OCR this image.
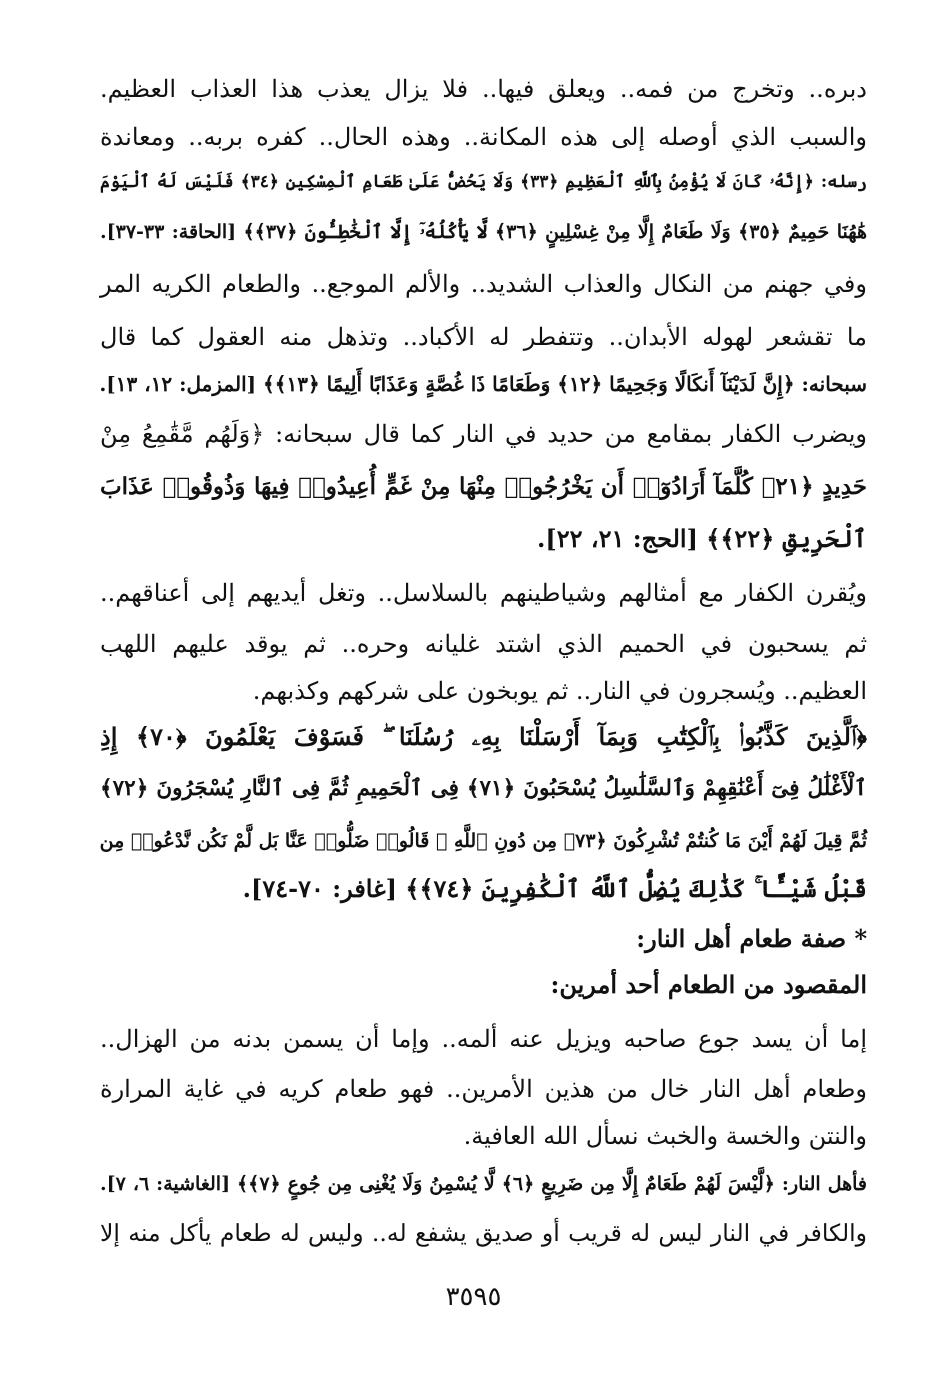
دبره.. وتخرج من فمه.. ويعلق فيها.. فلا يزال يعذب هذا العذاب العظيم.
والسبب الذي أوصله إلى هذه المكانة.. وهذه الحال.. كفره بربه.. ومعاندة
رسله: ﴿إِنَّهُۥ كَانَ لَا يُؤْمِنُ بِٱللَّهِ ٱلْعَظِيمِ ﴿٣٣﴾ وَلَا يَحُضُّ عَلَىٰ طَعَامِ ٱلْمِسْكِينِ ﴿٣٤﴾ فَلَيْسَ لَهُ ٱلْيَوْمَ
هَٰهُنَا حَمِيمٌ ﴿٣٥﴾ وَلَا طَعَامٌ إِلَّا مِنْ غِسْلِينٍ ﴿٣٦﴾ لَّا يَأْكُلُهُۥٓ إِلَّا ٱلْخَٰطِـُٔونَ ﴿٣٧﴾﴾ [الحاقة: ٣٣-٣٧].
وفي جهنم من النكال والعذاب الشديد.. والألم الموجع.. والطعام الكريه المر
ما تقشعر لهوله الأبدان.. وتتفطر له الأكباد.. وتذهل منه العقول كما قال
سبحانه: ﴿إِنَّ لَدَيْنَآ أَنكَالًا وَجَحِيمًا ﴿١٢﴾ وَطَعَامًا ذَا غُصَّةٍ وَعَذَابًا أَلِيمًا ﴿١٣﴾﴾ [المزمل: ١٢، ١٣].
ويضرب الكفار بمقامع من حديد في النار كما قال سبحانه: ﴿وَلَهُم مَّقَٰمِعُ مِنْ
حَدِيدٍ ﴿٢١﴾ كُلَّمَآ أَرَادُوٓا۟ أَن يَخْرُجُوا۟ مِنْهَا مِنْ غَمٍّ أُعِيدُوا۟ فِيهَا وَذُوقُوا۟ عَذَابَ
ٱلْحَرِيقِ ﴿٢٢﴾﴾ [الحج: ٢١، ٢٢].
ويُقرن الكفار مع أمثالهم وشياطينهم بالسلاسل.. وتغل أيديهم إلى أعناقهم..
ثم يسحبون في الحميم الذي اشتد غليانه وحره.. ثم يوقد عليهم اللهب
العظيم.. ويُسجرون في النار.. ثم يوبخون على شركهم وكذبهم.
﴿ٱلَّذِينَ كَذَّبُوا۟ بِٱلْكِتَٰبِ وَبِمَآ أَرْسَلْنَا بِهِۦ رُسُلَنَا ۖ فَسَوْفَ يَعْلَمُونَ ﴿٧٠﴾ إِذِ
ٱلْأَغْلَٰلُ فِىٓ أَعْنَٰقِهِمْ وَٱلسَّلَٰسِلُ يُسْحَبُونَ ﴿٧١﴾ فِى ٱلْحَمِيمِ ثُمَّ فِى ٱلنَّارِ يُسْجَرُونَ ﴿٧٢﴾
ثُمَّ قِيلَ لَهُمْ أَيْنَ مَا كُنتُمْ تُشْرِكُونَ ﴿٧٣﴾ مِن دُونِ ٱللَّهِ ۖ قَالُوا۟ ضَلُّوا۟ عَنَّا بَل لَّمْ نَكُن نَّدْعُوا۟ مِن
قَبْلُ شَيْـًٔا ۚ كَذَٰلِكَ يُضِلُّ ٱللَّهُ ٱلْكَٰفِرِينَ ﴿٧٤﴾﴾ [غافر: ٧٠-٧٤].
* صفة طعام أهل النار:
المقصود من الطعام أحد أمرين:
إما أن يسد جوع صاحبه ويزيل عنه ألمه.. وإما أن يسمن بدنه من الهزال..
وطعام أهل النار خال من هذين الأمرين.. فهو طعام كريه في غاية المرارة
والنتن والخسة والخبث نسأل الله العافية.
فأهل النار: ﴿لَّيْسَ لَهُمْ طَعَامٌ إِلَّا مِن ضَرِيعٍ ﴿٦﴾ لَّا يُسْمِنُ وَلَا يُغْنِى مِن جُوعٍ ﴿٧﴾﴾ [الغاشية: ٦، ٧].
والكافر في النار ليس له قريب أو صديق يشفع له.. وليس له طعام يأكل منه إلا
٣٥٩٥
